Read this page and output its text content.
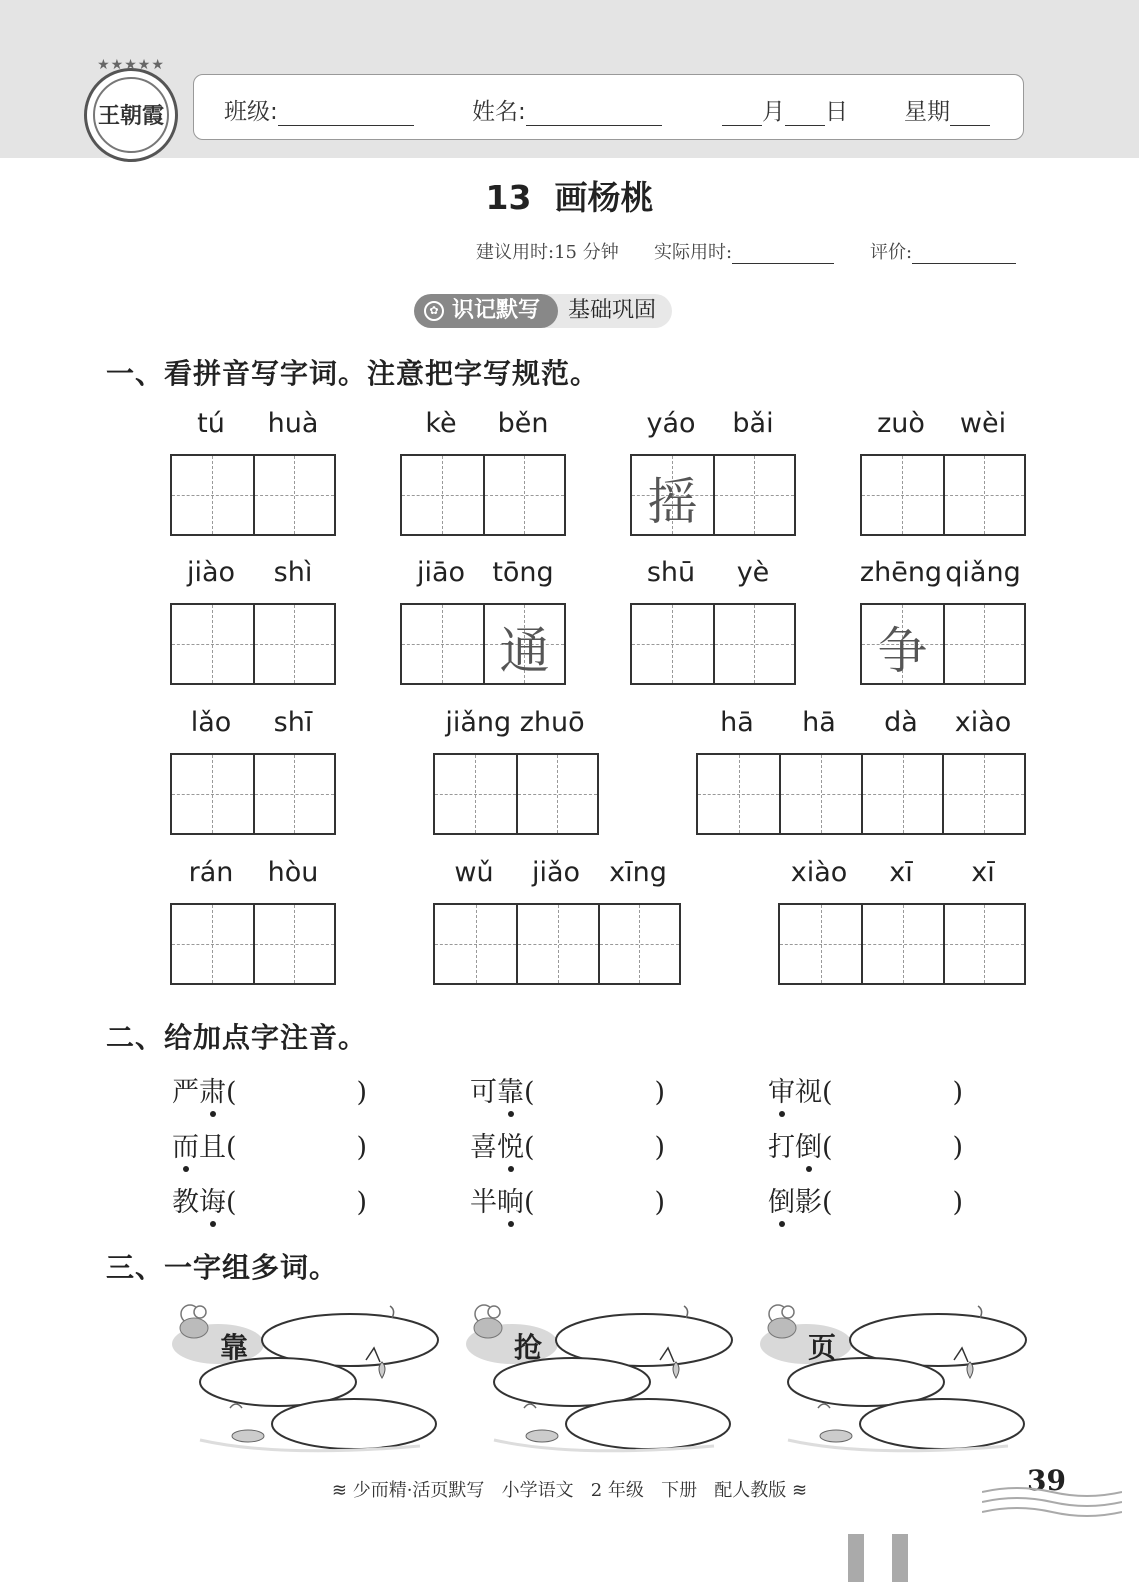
★★★★★
王朝霞	班级:	姓名:	月 日 星期
13  画杨桃
建议用时:15 分钟 实际用时:	评价:
✿ 识记默写	基础巩固
一、看拼音写字词。注意把字写规范。
tú	huà	kè	běn
摇
yáo	bǎi	zuò	wèi
jiào	shì
通
jiāo	tōng	shū	yè
争
zhēng qiǎng
lǎo	shī	jiǎng zhuō	hā	hā	dà	xiào
rán	hòu	wǔ	jiǎo	xīng	xiào	xī	xī
二、给加点字注音。
严肃(	)	可靠(	)	审视(	)
而且(	)	喜悦(	)	打倒(	)
教诲(	)	半晌(	)	倒影(	)
三、一字组多词。
靠	抢	页
≋ 少而精·活页默写   小学语文   2 年级   下册   配人教版 ≋	39
